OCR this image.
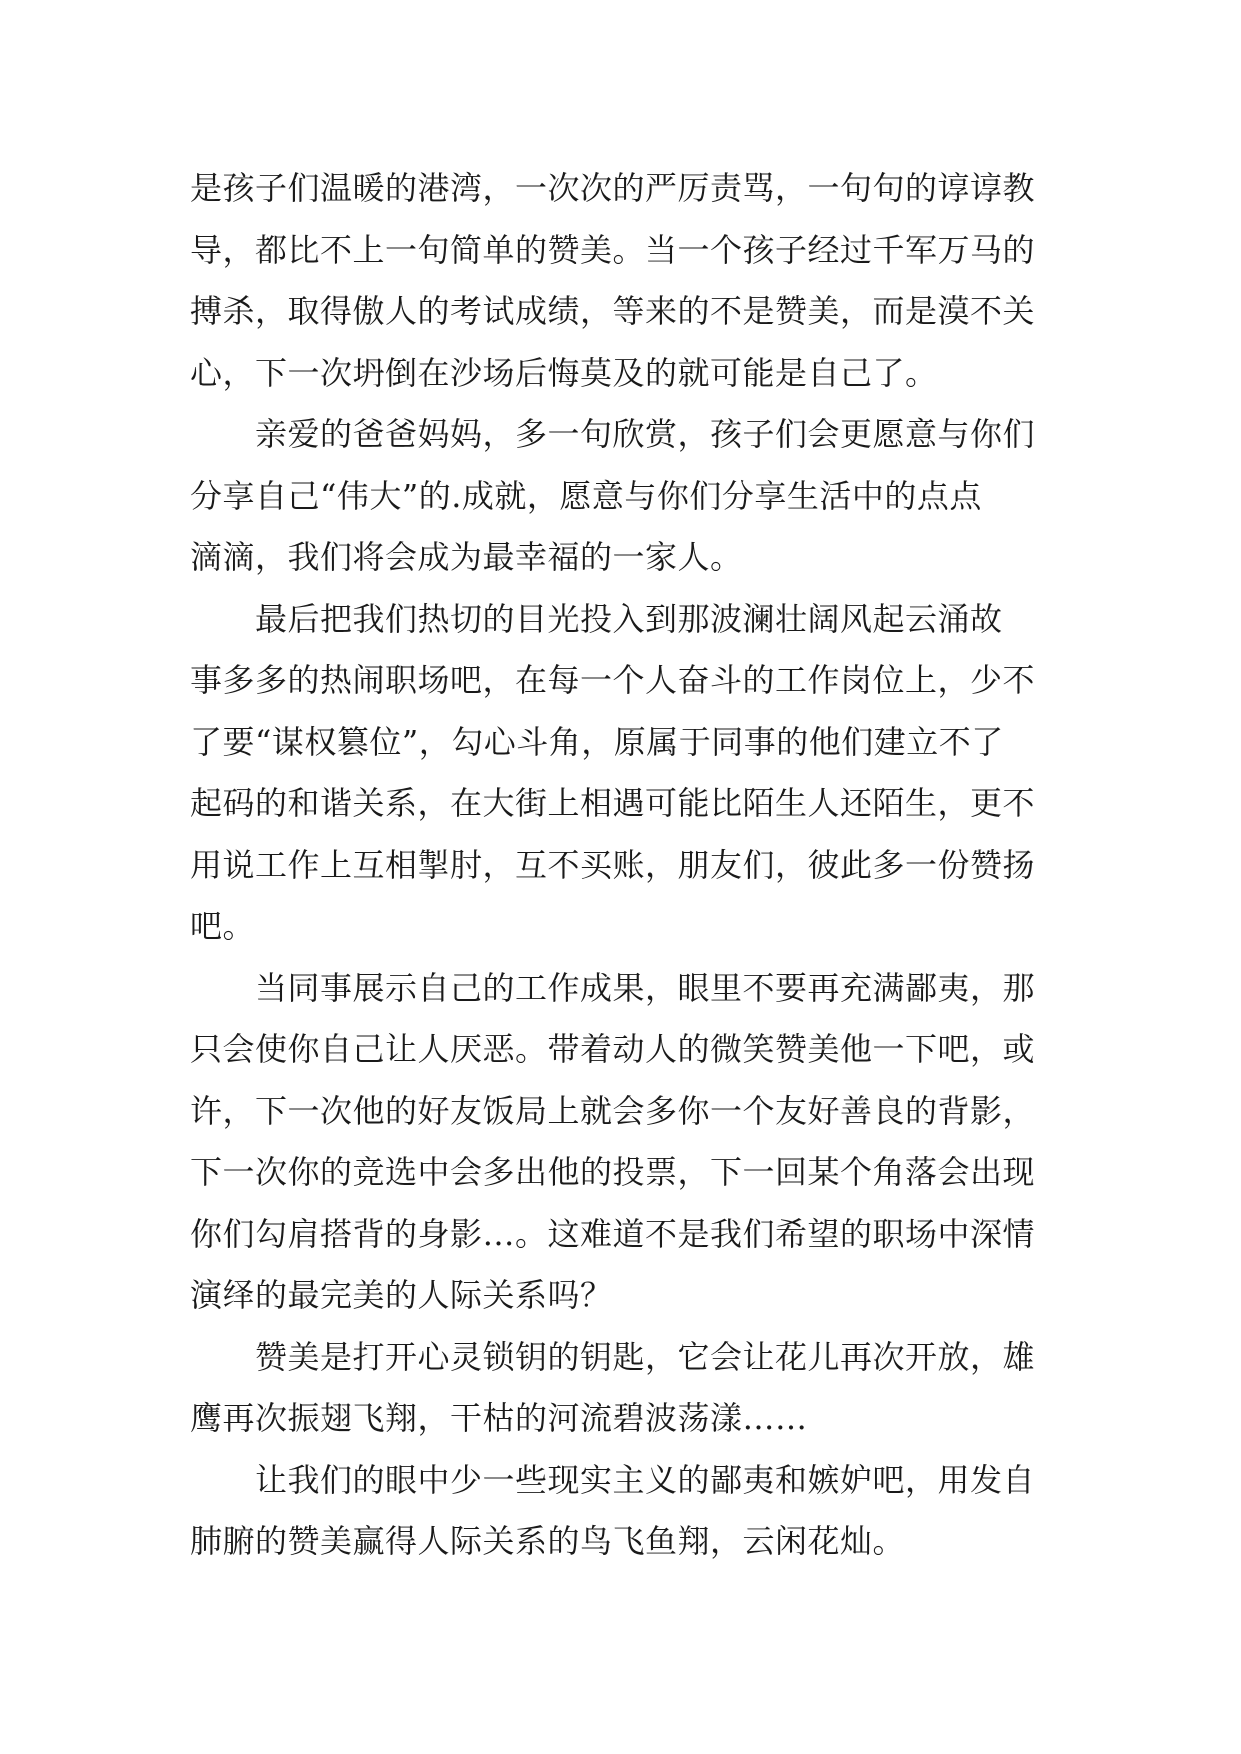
是孩子们温暖的港湾，一次次的严厉责骂，一句句的谆谆教
导，都比不上一句简单的赞美。当一个孩子经过千军万马的
搏杀，取得傲人的考试成绩，等来的不是赞美，而是漠不关
心，下一次坍倒在沙场后悔莫及的就可能是自己了。
亲爱的爸爸妈妈，多一句欣赏，孩子们会更愿意与你们
分享自己“伟大”的.成就，愿意与你们分享生活中的点点
滴滴，我们将会成为最幸福的一家人。
最后把我们热切的目光投入到那波澜壮阔风起云涌故
事多多的热闹职场吧，在每一个人奋斗的工作岗位上，少不
了要“谋权篡位”，勾心斗角，原属于同事的他们建立不了
起码的和谐关系，在大街上相遇可能比陌生人还陌生，更不
用说工作上互相掣肘，互不买账，朋友们，彼此多一份赞扬
吧。
当同事展示自己的工作成果，眼里不要再充满鄙夷，那
只会使你自己让人厌恶。带着动人的微笑赞美他一下吧，或
许，下一次他的好友饭局上就会多你一个友好善良的背影，
下一次你的竞选中会多出他的投票，下一回某个角落会出现
你们勾肩搭背的身影…。这难道不是我们希望的职场中深情
演绎的最完美的人际关系吗？
赞美是打开心灵锁钥的钥匙，它会让花儿再次开放，雄
鹰再次振翅飞翔，干枯的河流碧波荡漾……
让我们的眼中少一些现实主义的鄙夷和嫉妒吧，用发自
肺腑的赞美赢得人际关系的鸟飞鱼翔，云闲花灿。
